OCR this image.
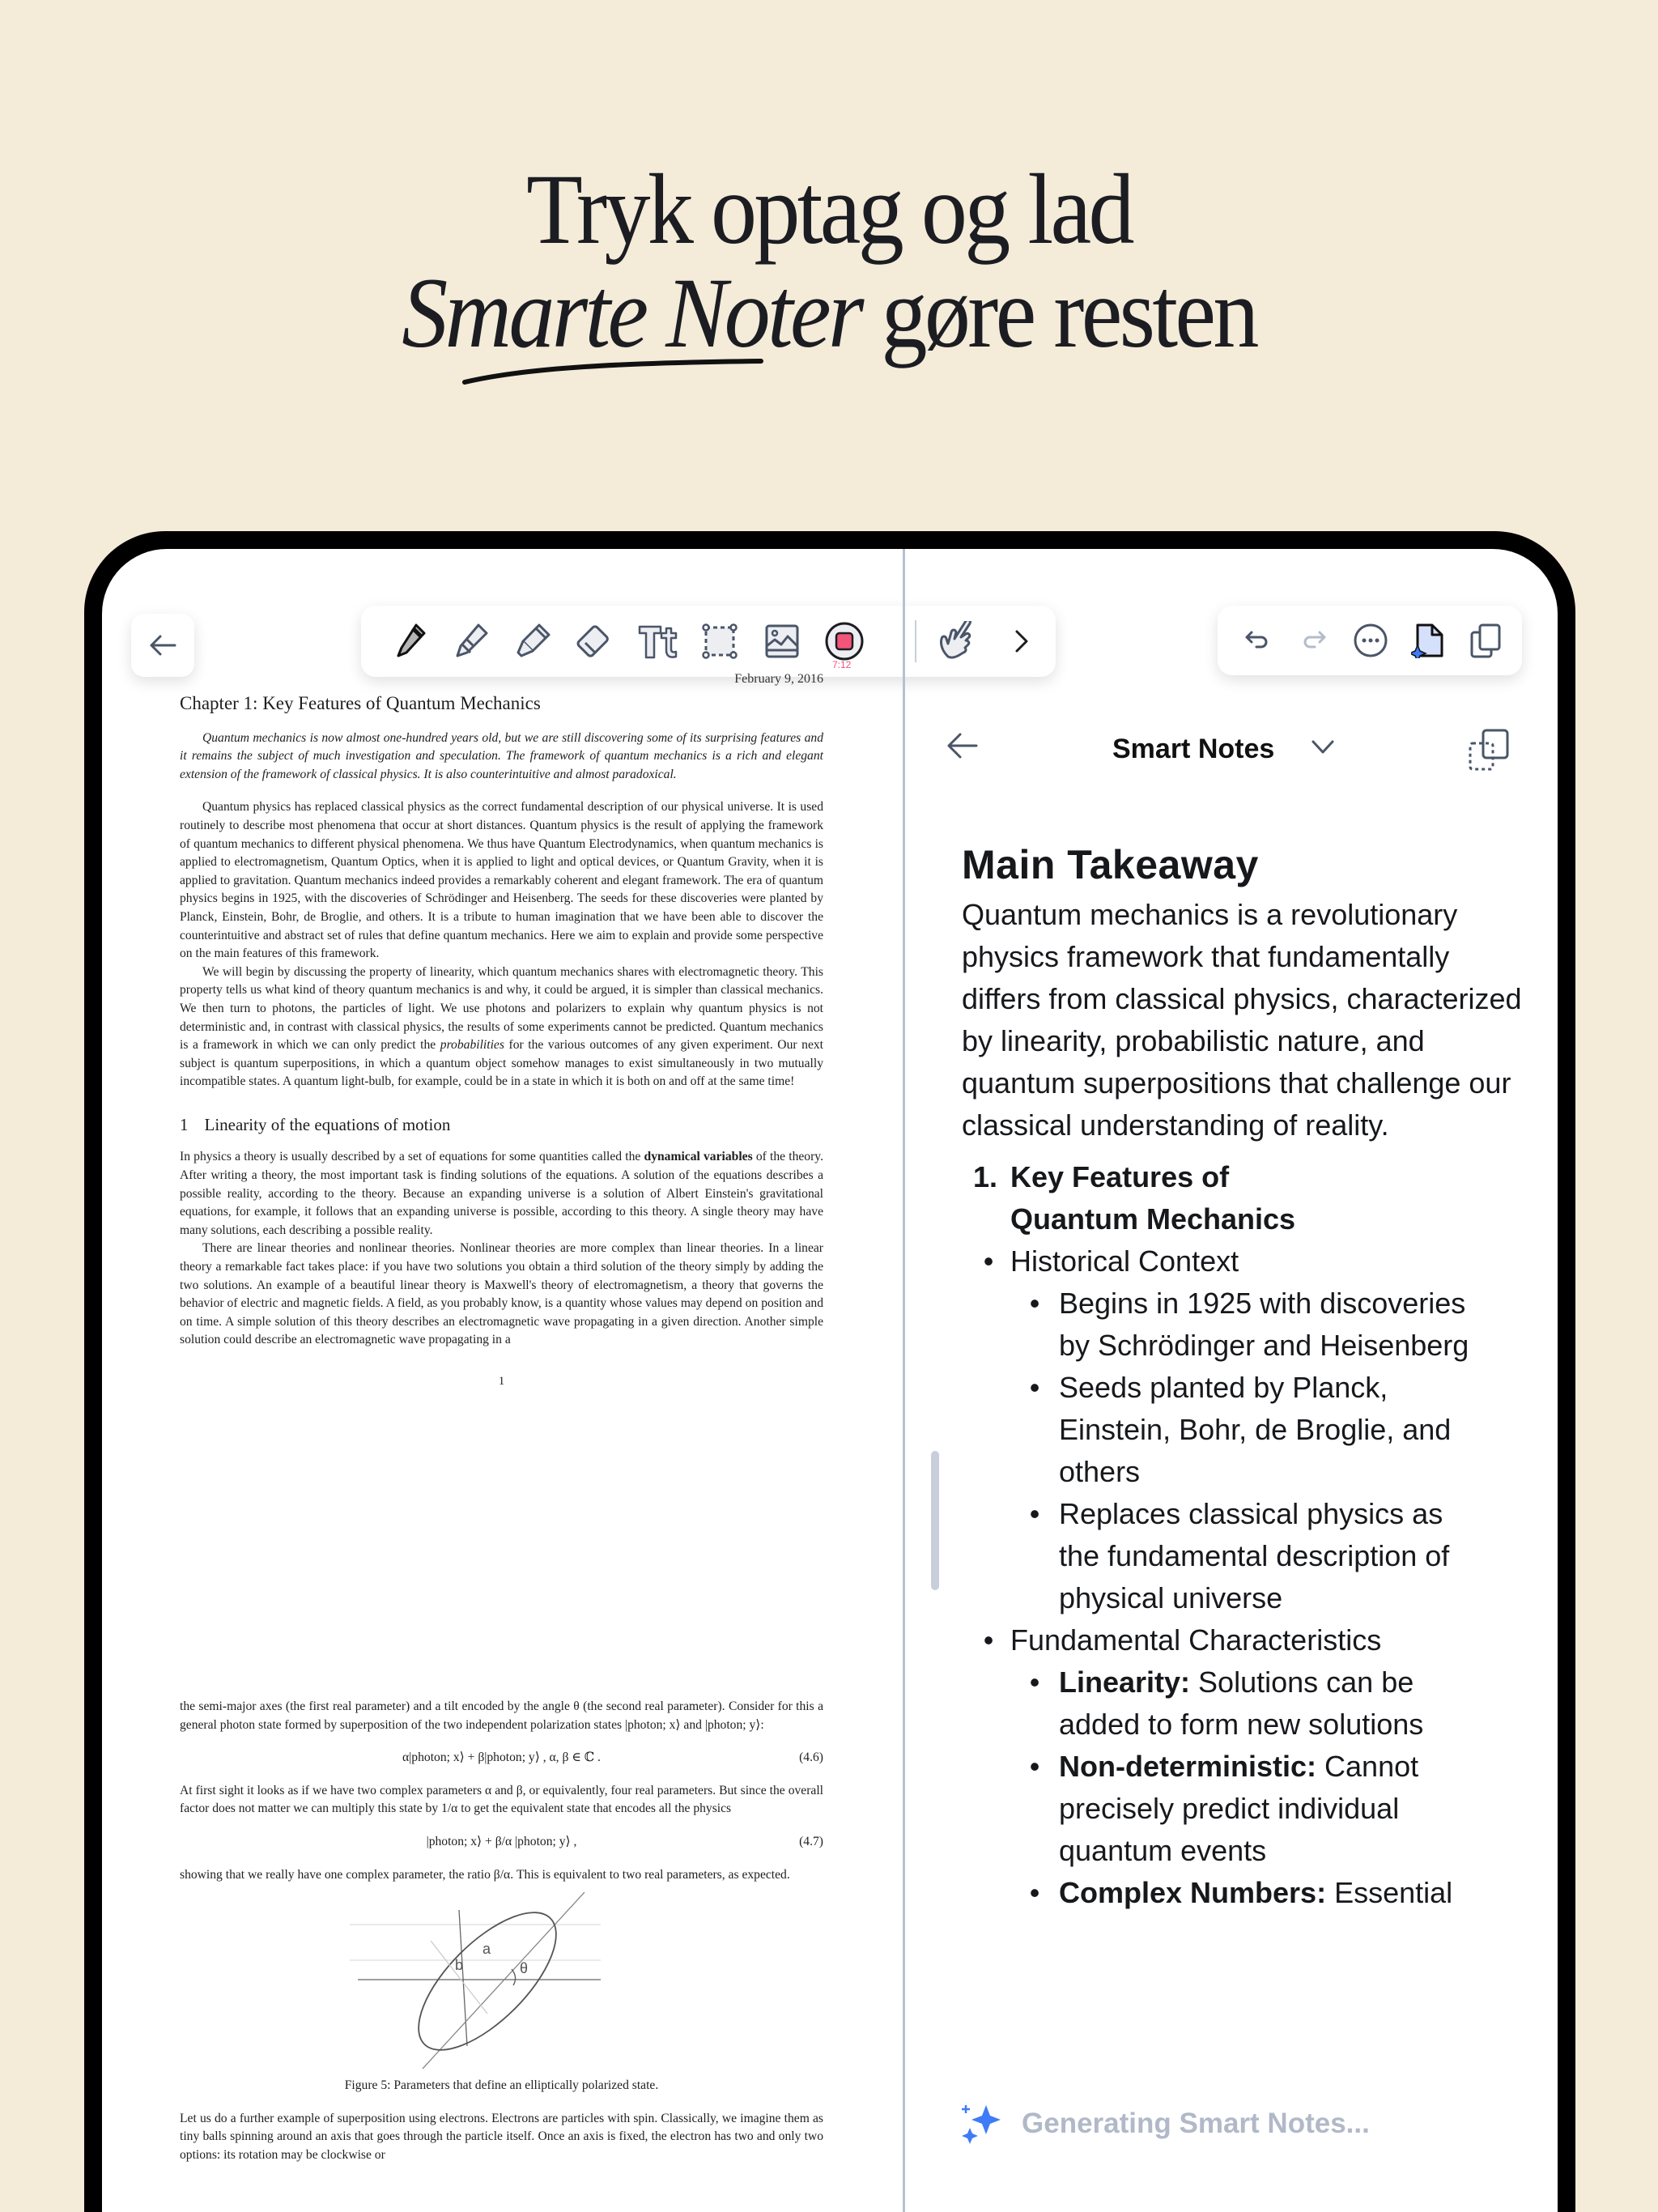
Tryk optag og lad
Smarte Noter gøre resten
7:12
February 9, 2016
Chapter 1: Key Features of Quantum Mechanics

Quantum mechanics is now almost one-hundred years old, but we are still discovering some of its surprising features and it remains the subject of much investigation and speculation. The framework of quantum mechanics is a rich and elegant extension of the framework of classical physics. It is also counterintuitive and almost paradoxical.

Quantum physics has replaced classical physics as the correct fundamental description of our physical universe. It is used routinely to describe most phenomena that occur at short distances. Quantum physics is the result of applying the framework of quantum mechanics to different physical phenomena. We thus have Quantum Electrodynamics, when quantum mechanics is applied to electromagnetism, Quantum Optics, when it is applied to light and optical devices, or Quantum Gravity, when it is applied to gravitation. Quantum mechanics indeed provides a remarkably coherent and elegant framework. The era of quantum physics begins in 1925, with the discoveries of Schrödinger and Heisenberg. The seeds for these discoveries were planted by Planck, Einstein, Bohr, de Broglie, and others. It is a tribute to human imagination that we have been able to discover the counterintuitive and abstract set of rules that define quantum mechanics. Here we aim to explain and provide some perspective on the main features of this framework.

We will begin by discussing the property of linearity, which quantum mechanics shares with electromagnetic theory. This property tells us what kind of theory quantum mechanics is and why, it could be argued, it is simpler than classical mechanics. We then turn to photons, the particles of light. We use photons and polarizers to explain why quantum physics is not deterministic and, in contrast with classical physics, the results of some experiments cannot be predicted. Quantum mechanics is a framework in which we can only predict the probabilities for the various outcomes of any given experiment. Our next subject is quantum superpositions, in which a quantum object somehow manages to exist simultaneously in two mutually incompatible states. A quantum light-bulb, for example, could be in a state in which it is both on and off at the same time!

1 Linearity of the equations of motion

In physics a theory is usually described by a set of equations for some quantities called the dynamical variables of the theory. After writing a theory, the most important task is finding solutions of the equations. A solution of the equations describes a possible reality, according to the theory. Because an expanding universe is a solution of Albert Einstein's gravitational equations, for example, it follows that an expanding universe is possible, according to this theory. A single theory may have many solutions, each describing a possible reality.

There are linear theories and nonlinear theories. Nonlinear theories are more complex than linear theories. In a linear theory a remarkable fact takes place: if you have two solutions you obtain a third solution of the theory simply by adding the two solutions. An example of a beautiful linear theory is Maxwell's theory of electromagnetism, a theory that governs the behavior of electric and magnetic fields. A field, as you probably know, is a quantity whose values may depend on position and on time. A simple solution of this theory describes an electromagnetic wave propagating in a given direction. Another simple solution could describe an electromagnetic wave propagating in a

1

the semi-major axes (the first real parameter) and a tilt encoded by the angle θ (the second real parameter). Consider for this a general photon state formed by superposition of the two independent polarization states |photon; x⟩ and |photon; y⟩:

α|photon; x⟩ + β|photon; y⟩ , α, β ∈ ℂ .	(4.6)

At first sight it looks as if we have two complex parameters α and β, or equivalently, four real parameters. But since the overall factor does not matter we can multiply this state by 1/α to get the equivalent state that encodes all the physics

|photon; x⟩ + β/α |photon; y⟩ ,	(4.7)

showing that we really have one complex parameter, the ratio β/α. This is equivalent to two real parameters, as expected.

a
b	θ
Figure 5: Parameters that define an elliptically polarized state.

Let us do a further example of superposition using electrons. Electrons are particles with spin. Classically, we imagine them as tiny balls spinning around an axis that goes through the particle itself. Once an axis is fixed, the electron has two and only two options: its rotation may be clockwise or

Smart Notes
Main Takeaway

Quantum mechanics is a revolutionary physics framework that fundamentally differs from classical physics, characterized by linearity, probabilistic nature, and quantum superpositions that challenge our classical understanding of reality.

1. Key Features of Quantum Mechanics
• Historical Context
• Begins in 1925 with discoveries by Schrödinger and Heisenberg
• Seeds planted by Planck, Einstein, Bohr, de Broglie, and others
• Replaces classical physics as the fundamental description of physical universe
• Fundamental Characteristics
• Linearity: Solutions can be added to form new solutions
• Non-deterministic: Cannot precisely predict individual quantum events
• Complex Numbers: Essential
Generating Smart Notes...
